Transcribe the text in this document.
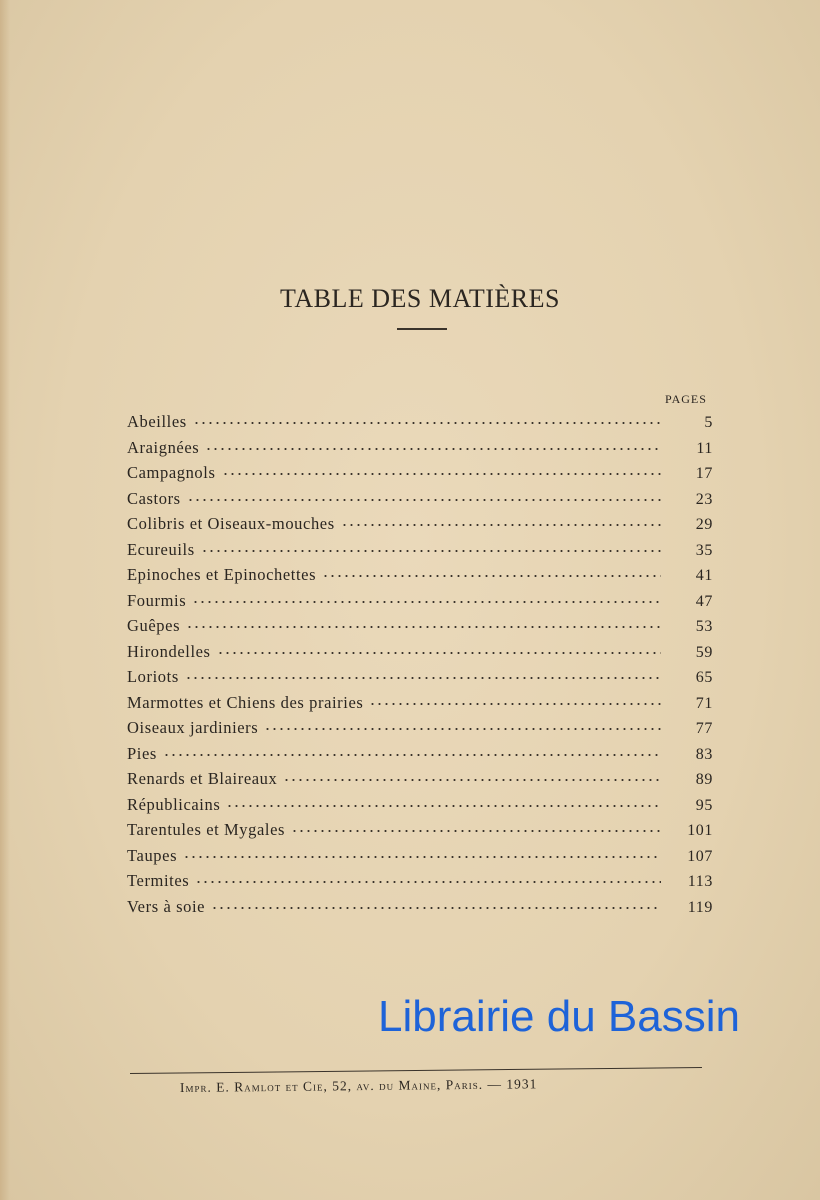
TABLE DES MATIÈRES
PAGES
Abeilles	5
Araignées	11
Campagnols	17
Castors	23
Colibris et Oiseaux-mouches	29
Ecureuils	35
Epinoches et Epinochettes	41
Fourmis	47
Guêpes	53
Hirondelles	59
Loriots	65
Marmottes et Chiens des prairies	71
Oiseaux jardiniers	77
Pies	83
Renards et Blaireaux	89
Républicains	95
Tarentules et Mygales	101
Taupes	107
Termites	113
Vers à soie	119
Librairie du Bassin
Impr. E. Ramlot et Cie, 52, av. du Maine, Paris. — 1931
